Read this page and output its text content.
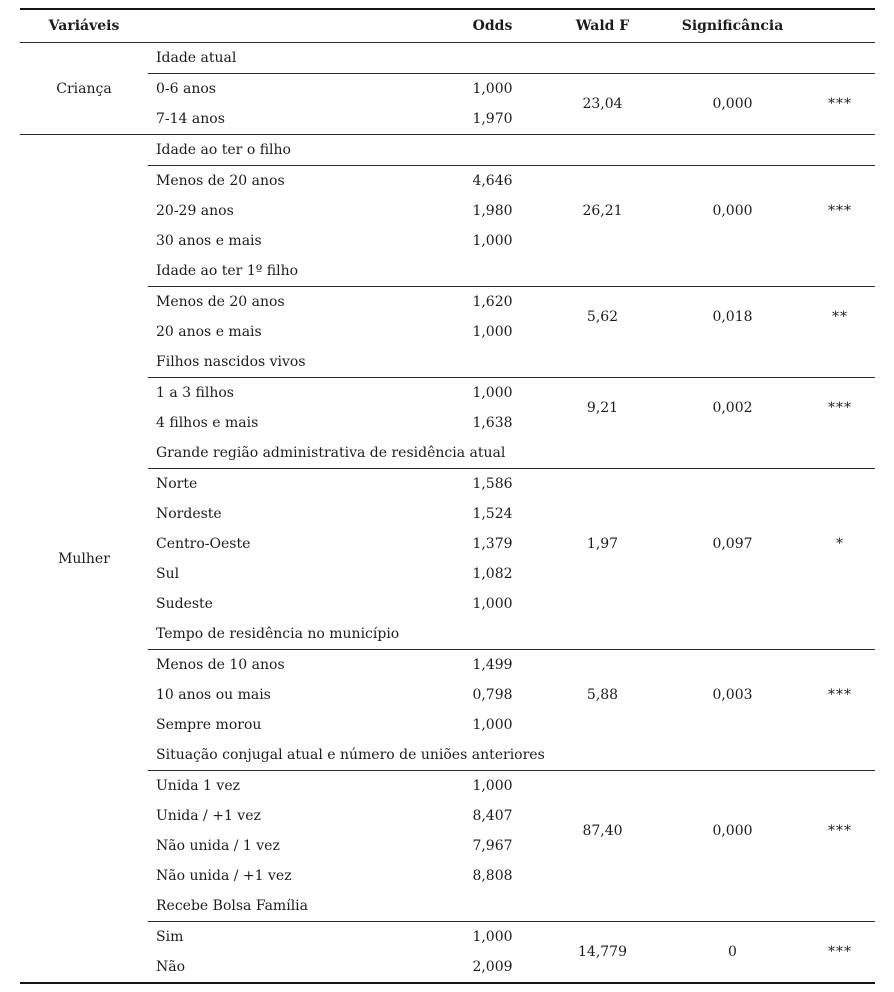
Variáveis		Odds	Wald F	Significância	
Criança	Idade atual				
	0-6 anos	1,000	23,04	0,000	***
	7-14 anos	1,970			
Mulher	Idade ao ter o filho				
	Menos de 20 anos	4,646	26,21	0,000	***
	20-29 anos	1,980			
	30 anos e mais	1,000			
	Idade ao ter 1º filho				
	Menos de 20 anos	1,620	5,62	0,018	**
	20 anos e mais	1,000			
	Filhos nascidos vivos				
	1 a 3 filhos	1,000	9,21	0,002	***
	4 filhos e mais	1,638			
	Grande região administrativa de residência atual				
	Norte	1,586	1,97	0,097	*
	Nordeste	1,524			
	Centro-Oeste	1,379			
	Sul	1,082			
	Sudeste	1,000			
	Tempo de residência no município				
	Menos de 10 anos	1,499	5,88	0,003	***
	10 anos ou mais	0,798			
	Sempre morou	1,000			
	Situação conjugal atual e número de uniões anteriores				
	Unida 1 vez	1,000	87,40	0,000	***
	Unida / +1 vez	8,407			
	Não unida / 1 vez	7,967			
	Não unida / +1 vez	8,808			
	Recebe Bolsa Família				
	Sim	1,000	14,779	0	***
	Não	2,009			
